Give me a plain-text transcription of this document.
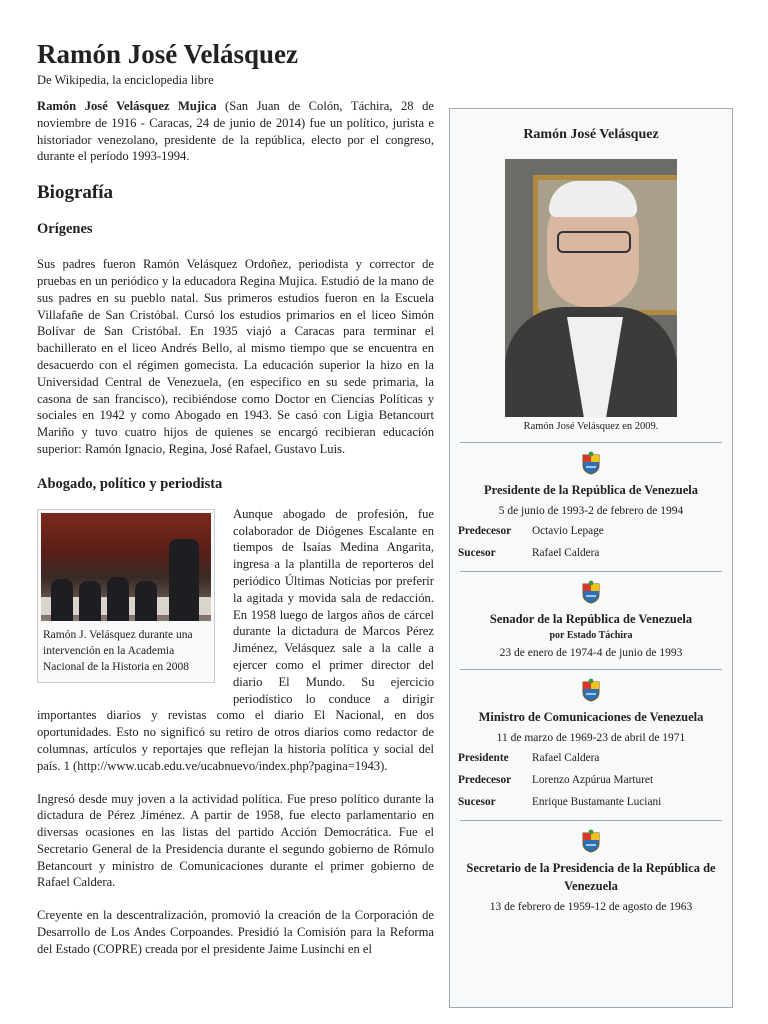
Ramón José Velásquez
De Wikipedia, la enciclopedia libre

Ramón José Velásquez Mujica (San Juan de Colón, Táchira, 28 de noviembre de 1916 - Caracas, 24 de junio de 2014) fue un político, jurista e historiador venezolano, presidente de la república, electo por el congreso, durante el período 1993-1994.

Biografía
Orígenes

Sus padres fueron Ramón Velásquez Ordoñez, periodista y corrector de pruebas en un periódico y la educadora Regina Mujica. Estudió de la mano de sus padres en su pueblo natal. Sus primeros estudios fueron en la Escuela Villafañe de San Cristóbal. Cursó los estudios primarios en el liceo Simón Bolívar de San Cristóbal. En 1935 viajó a Caracas para terminar el bachillerato en el liceo Andrés Bello, al mismo tiempo que se encuentra en desacuerdo con el régimen gomecista. La educación superior la hizo en la Universidad Central de Venezuela, (en especifico en su sede primaria, la casona de san francisco), recibiéndose como Doctor en Ciencias Políticas y sociales en 1942 y como Abogado en 1943. Se casó con Ligia Betancourt Mariño y tuvo cuatro hijos de quienes se encargó recibieran educación superior: Ramón Ignacio, Regina, José Rafael, Gustavo Luis.

Abogado, político y periodista
Ramón J. Velásquez durante una intervención en la Academia Nacional de la Historia en 2008

Aunque abogado de profesión, fue colaborador de Diógenes Escalante en tiempos de Isaías Medina Angarita, ingresa a la plantilla de reporteros del periódico Últimas Noticias por preferir la agitada y movida sala de redacción. En 1958 luego de largos años de cárcel durante la dictadura de Marcos Pérez Jiménez, Velásquez sale a la calle a ejercer como el primer director del diario El Mundo. Su ejercicio periodístico lo conduce a dirigir importantes diarios y revistas como el diario El Nacional, en dos oportunidades. Esto no significó su retiro de otros diarios como redactor de columnas, artículos y reportajes que reflejan la historia política y social del país. 1 (http://www.ucab.edu.ve/ucabnuevo/index.php?pagina=1943).

Ingresó desde muy joven a la actividad política. Fue preso político durante la dictadura de Pérez Jiménez. A partir de 1958, fue electo parlamentario en diversas ocasiones en las listas del partido Acción Democrática. Fue el Secretario General de la Presidencia durante el segundo gobierno de Rómulo Betancourt y ministro de Comunicaciones durante el primer gobierno de Rafael Caldera.

Creyente en la descentralización, promovió la creación de la Corporación de Desarrollo de Los Andes Corpoandes. Presidió la Comisión para la Reforma del Estado (COPRE) creada por el presidente Jaime Lusinchi en el

Ramón José Velásquez
Ramón José Velásquez en 2009.
Presidente de la República de Venezuela
5 de junio de 1993-2 de febrero de 1994
Predecesor	Octavio Lepage
Sucesor	Rafael Caldera
Senador de la República de Venezuela
por Estado Táchira
23 de enero de 1974-4 de junio de 1993
Ministro de Comunicaciones de Venezuela
11 de marzo de 1969-23 de abril de 1971
Presidente	Rafael Caldera
Predecesor	Lorenzo Azpúrua Marturet
Sucesor	Enrique Bustamante Luciani
Secretario de la Presidencia de la República de Venezuela
13 de febrero de 1959-12 de agosto de 1963
